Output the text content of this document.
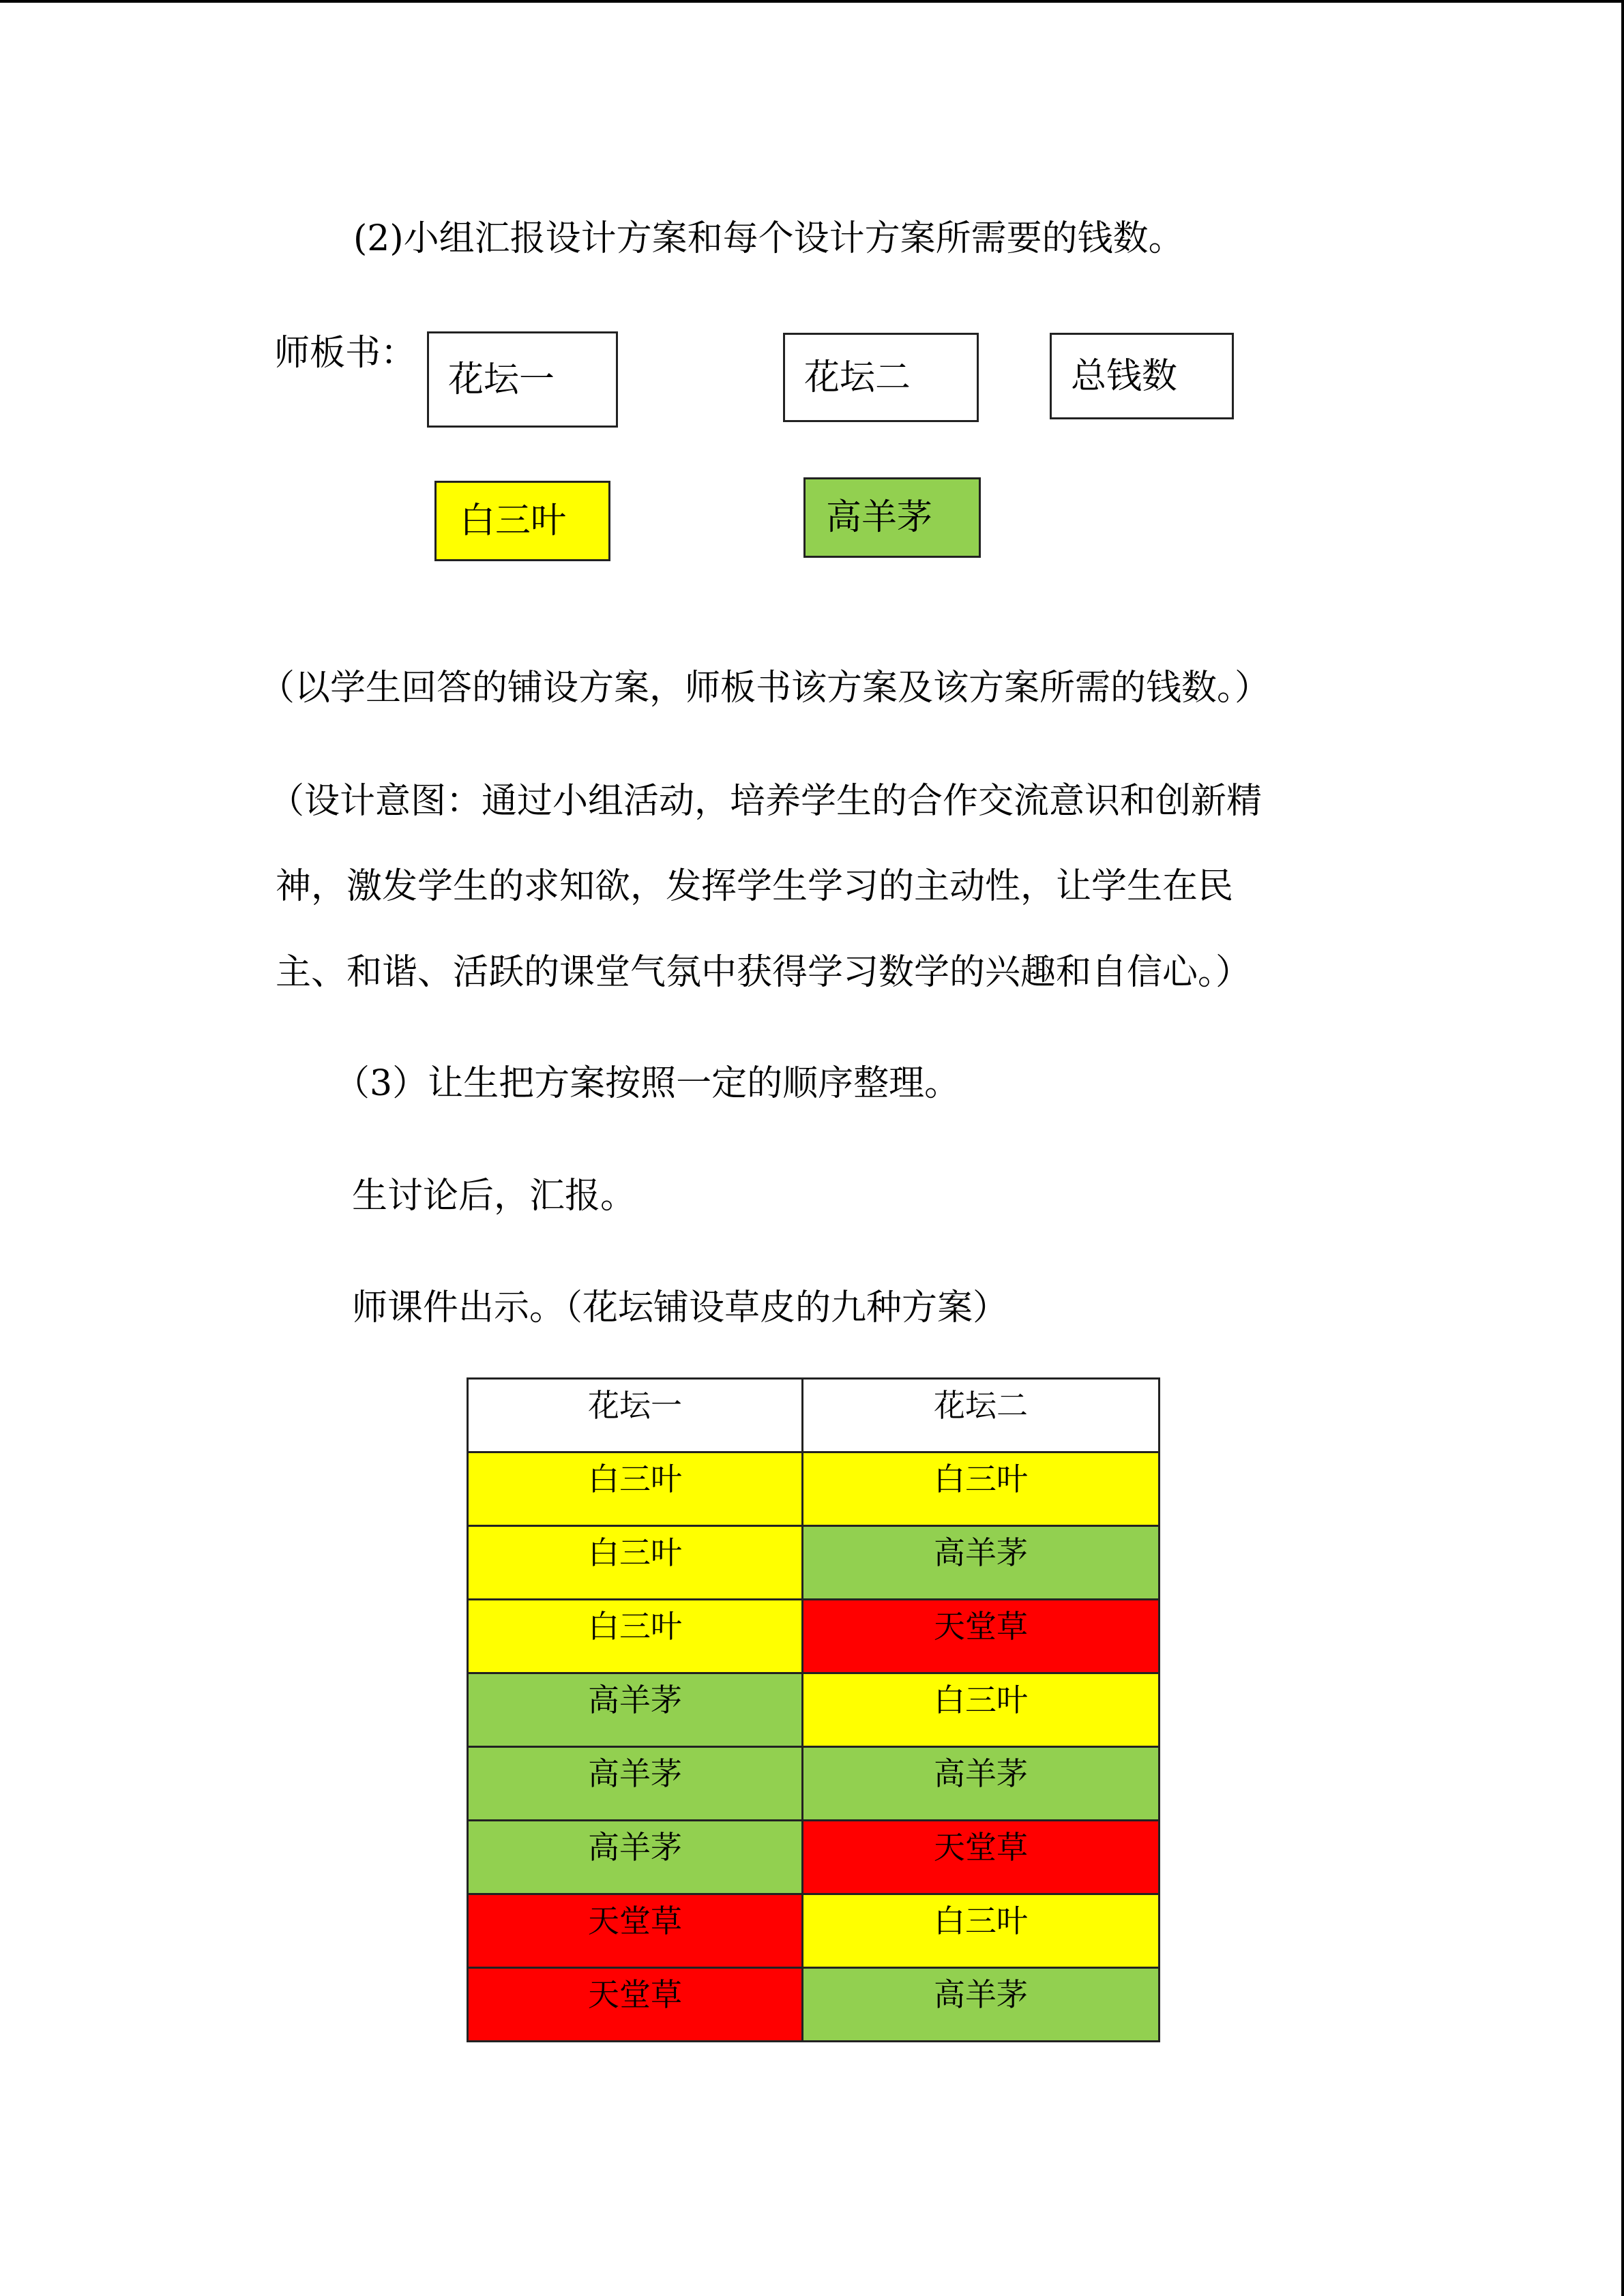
(2)小组汇报设计方案和每个设计方案所需要的钱数。
师板书：
花坛一	花坛二	总钱数
白三叶	高羊茅
（以学生回答的铺设方案，师板书该方案及该方案所需的钱数。）
（设计意图：通过小组活动，培养学生的合作交流意识和创新精
神，激发学生的求知欲，发挥学生学习的主动性，让学生在民
主、和谐、活跃的课堂气氛中获得学习数学的兴趣和自信心。）
（3）让生把方案按照一定的顺序整理。
生讨论后，汇报。
师课件出示。（花坛铺设草皮的九种方案）
花坛一	花坛二
白三叶	白三叶
白三叶	高羊茅
白三叶	天堂草
高羊茅	白三叶
高羊茅	高羊茅
高羊茅	天堂草
天堂草	白三叶
天堂草	高羊茅
